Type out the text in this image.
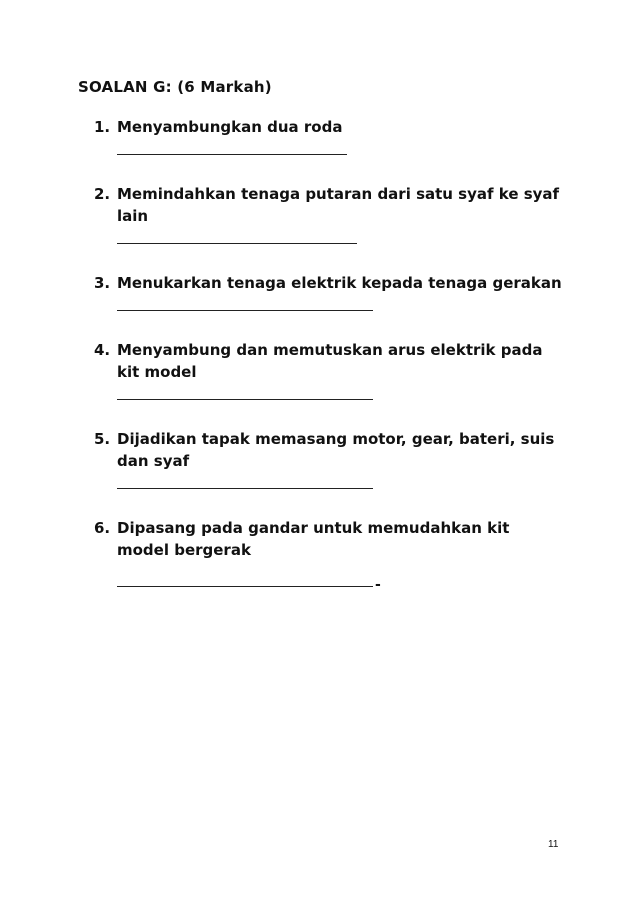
SOALAN G: (6 Markah)
1. Menyambungkan dua roda
2. Memindahkan tenaga putaran dari satu syaf ke syaf lain
3. Menukarkan tenaga elektrik kepada tenaga gerakan
4. Menyambung dan memutuskan arus elektrik pada kit model
5. Dijadikan tapak memasang motor, gear, bateri, suis dan syaf
6. Dipasang pada gandar untuk memudahkan kit model bergerak
-
11
